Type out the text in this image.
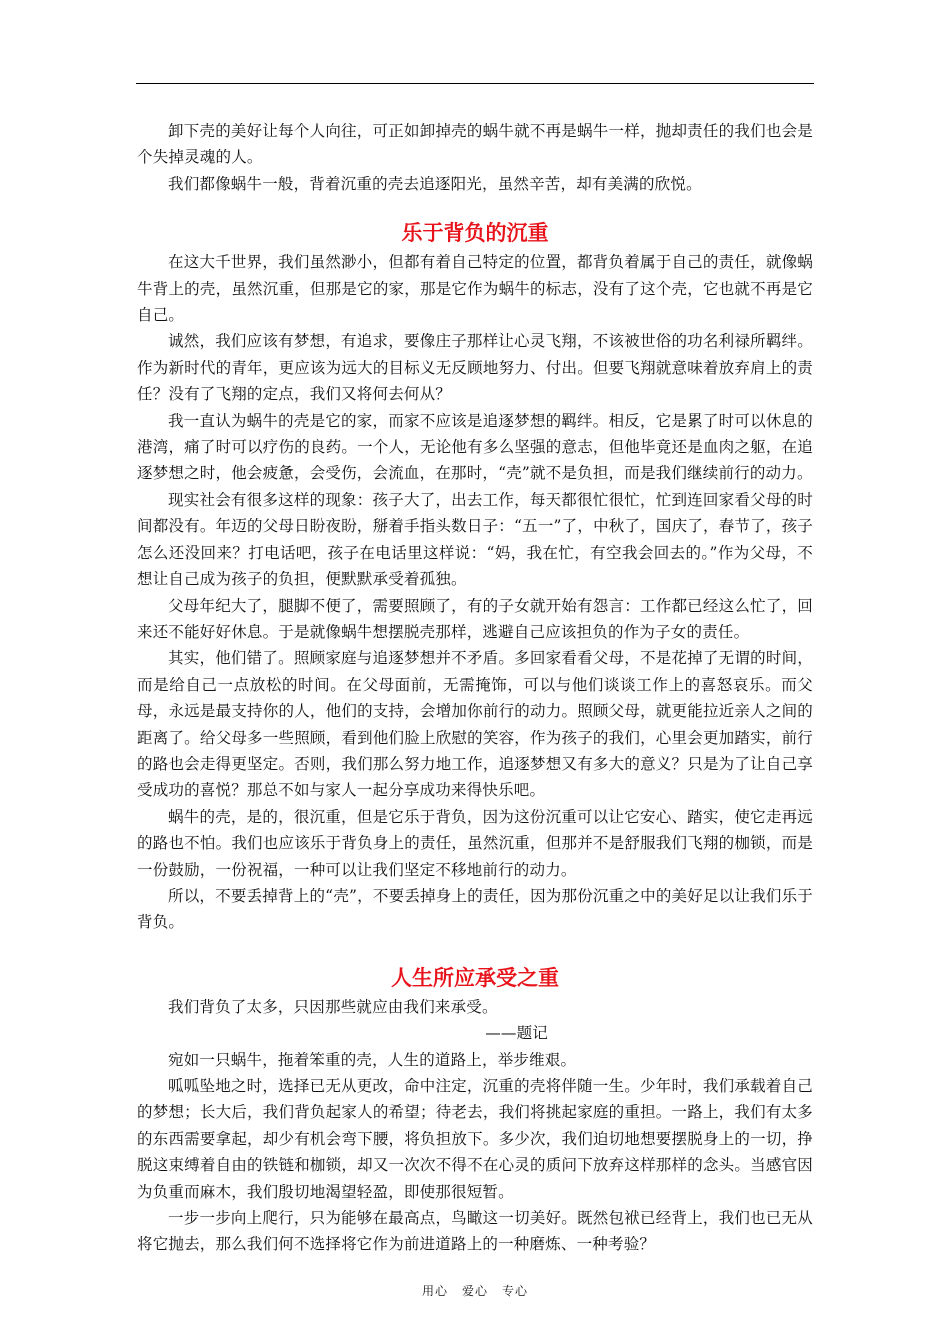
卸下壳的美好让每个人向往，可正如卸掉壳的蜗牛就不再是蜗牛一样，抛却责任的我们也会是个失掉灵魂的人。

我们都像蜗牛一般，背着沉重的壳去追逐阳光，虽然辛苦，却有美满的欣悦。

乐于背负的沉重

在这大千世界，我们虽然渺小，但都有着自己特定的位置，都背负着属于自己的责任，就像蜗牛背上的壳，虽然沉重，但那是它的家，那是它作为蜗牛的标志，没有了这个壳，它也就不再是它自己。

诚然，我们应该有梦想，有追求，要像庄子那样让心灵飞翔，不该被世俗的功名利禄所羁绊。作为新时代的青年，更应该为远大的目标义无反顾地努力、付出。但要飞翔就意味着放弃肩上的责任？没有了飞翔的定点，我们又将何去何从？

我一直认为蜗牛的壳是它的家，而家不应该是追逐梦想的羁绊。相反，它是累了时可以休息的港湾，痛了时可以疗伤的良药。一个人，无论他有多么坚强的意志，但他毕竟还是血肉之躯，在追逐梦想之时，他会疲惫，会受伤，会流血，在那时，“壳”就不是负担，而是我们继续前行的动力。

现实社会有很多这样的现象：孩子大了，出去工作，每天都很忙很忙，忙到连回家看父母的时间都没有。年迈的父母日盼夜盼，掰着手指头数日子：“五一”了，中秋了，国庆了，春节了，孩子怎么还没回来？打电话吧，孩子在电话里这样说：“妈，我在忙，有空我会回去的。”作为父母，不想让自己成为孩子的负担，便默默承受着孤独。

父母年纪大了，腿脚不便了，需要照顾了，有的子女就开始有怨言：工作都已经这么忙了，回来还不能好好休息。于是就像蜗牛想摆脱壳那样，逃避自己应该担负的作为子女的责任。

其实，他们错了。照顾家庭与追逐梦想并不矛盾。多回家看看父母，不是花掉了无谓的时间，而是给自己一点放松的时间。在父母面前，无需掩饰，可以与他们谈谈工作上的喜怒哀乐。而父母，永远是最支持你的人，他们的支持，会增加你前行的动力。照顾父母，就更能拉近亲人之间的距离了。给父母多一些照顾，看到他们脸上欣慰的笑容，作为孩子的我们，心里会更加踏实，前行的路也会走得更坚定。否则，我们那么努力地工作，追逐梦想又有多大的意义？只是为了让自己享受成功的喜悦？那总不如与家人一起分享成功来得快乐吧。

蜗牛的壳，是的，很沉重，但是它乐于背负，因为这份沉重可以让它安心、踏实，使它走再远的路也不怕。我们也应该乐于背负身上的责任，虽然沉重，但那并不是舒服我们飞翔的枷锁，而是一份鼓励，一份祝福，一种可以让我们坚定不移地前行的动力。

所以，不要丢掉背上的“壳”，不要丢掉身上的责任，因为那份沉重之中的美好足以让我们乐于背负。

人生所应承受之重

我们背负了太多，只因那些就应由我们来承受。

——题记

宛如一只蜗牛，拖着笨重的壳，人生的道路上，举步维艰。

呱呱坠地之时，选择已无从更改，命中注定，沉重的壳将伴随一生。少年时，我们承载着自己的梦想；长大后，我们背负起家人的希望；待老去，我们将挑起家庭的重担。一路上，我们有太多的东西需要拿起，却少有机会弯下腰，将负担放下。多少次，我们迫切地想要摆脱身上的一切，挣脱这束缚着自由的铁链和枷锁，却又一次次不得不在心灵的质问下放弃这样那样的念头。当感官因为负重而麻木，我们殷切地渴望轻盈，即使那很短暂。

一步一步向上爬行，只为能够在最高点，鸟瞰这一切美好。既然包袱已经背上，我们也已无从将它抛去，那么我们何不选择将它作为前进道路上的一种磨炼、一种考验？

用心 爱心 专心
